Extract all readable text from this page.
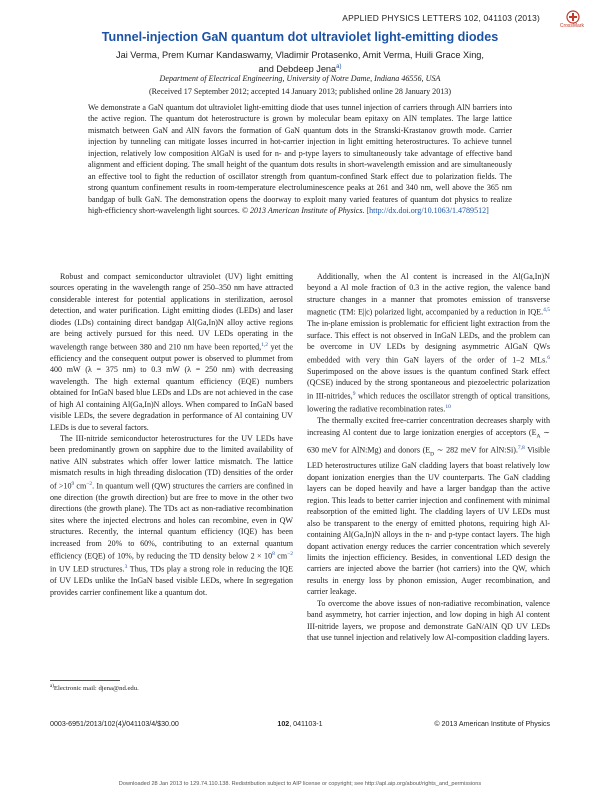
APPLIED PHYSICS LETTERS 102, 041103 (2013)
CrossMark
Tunnel-injection GaN quantum dot ultraviolet light-emitting diodes
Jai Verma, Prem Kumar Kandaswamy, Vladimir Protasenko, Amit Verma, Huili Grace Xing,
and Debdeep Jena$^{a)}$
Department of Electrical Engineering, University of Notre Dame, Indiana 46556, USA
(Received 17 September 2012; accepted 14 January 2013; published online 28 January 2013)
We demonstrate a GaN quantum dot ultraviolet light-emitting diode that uses tunnel injection of carriers through AlN barriers into the active region. The quantum dot heterostructure is grown by molecular beam epitaxy on AlN templates. The large lattice mismatch between GaN and AlN favors the formation of GaN quantum dots in the Stranski-Krastanov growth mode. Carrier injection by tunneling can mitigate losses incurred in hot-carrier injection in light emitting heterostructures. To achieve tunnel injection, relatively low composition AlGaN is used for n- and p-type layers to simultaneously take advantage of effective band alignment and efficient doping. The small height of the quantum dots results in short-wavelength emission and are simultaneously an effective tool to fight the reduction of oscillator strength from quantum-confined Stark effect due to polarization fields. The strong quantum confinement results in room-temperature electroluminescence peaks at 261 and 340 nm, well above the 365 nm bandgap of bulk GaN. The demonstration opens the doorway to exploit many varied features of quantum dot physics to realize high-efficiency short-wavelength light sources. © 2013 American Institute of Physics. [http://dx.doi.org/10.1063/1.4789512]

Robust and compact semiconductor ultraviolet (UV) light emitting sources operating in the wavelength range of 250–350 nm have attracted considerable interest for potential applications in sterilization, aerosol detection, and water purification. Light emitting diodes (LEDs) and laser diodes (LDs) containing direct bandgap Al(Ga,In)N alloy active regions are being actively pursued for this need. UV LEDs operating in the wavelength range between 380 and 210 nm have been reported,$^{1,2}$ yet the efficiency and the consequent output power is observed to plummet from 400 mW (λ = 375 nm) to 0.3 mW (λ = 250 nm) with decreasing wavelength. The high external quantum efficiency (EQE) numbers obtained for InGaN based blue LEDs and LDs are not achieved in the case of high Al containing Al(Ga,In)N alloys. When compared to InGaN based visible LEDs, the severe degradation in performance of Al containing UV LEDs is due to several factors.

The III-nitride semiconductor heterostructures for the UV LEDs have been predominantly grown on sapphire due to the limited availability of native AlN substrates which offer lower lattice mismatch. The lattice mismatch results in high threading dislocation (TD) densities of the order of $>10^9$ $cm^{-2}$. In quantum well (QW) structures the carriers are confined in one direction (the growth direction) but are free to move in the other two directions (the growth plane). The TDs act as non-radiative recombination sites where the injected electrons and holes can recombine, even in QW structures. Recently, the internal quantum efficiency (IQE) has been increased from 20% to 60%, contributing to an external quantum efficiency (EQE) of 10%, by reducing the TD density below $2 \times 10^8$ $cm^{-2}$ in UV LED structures.$^3$ Thus, TDs play a strong role in reducing the IQE of UV LEDs unlike the InGaN based visible LEDs, where In segregation provides carrier confinement like a quantum dot.

Additionally, when the Al content is increased in the Al(Ga,In)N beyond a Al mole fraction of 0.3 in the active region, the valence band structure changes in a manner that promotes emission of transverse magnetic (TM: E||c) polarized light, accompanied by a reduction in IQE.$^{4,5}$ The in-plane emission is problematic for efficient light extraction from the surface. This effect is not observed in InGaN LEDs, and the problem can be overcome in UV LEDs by designing asymmetric AlGaN QWs embedded with very thin GaN layers of the order of 1–2 MLs.$^6$ Superimposed on the above issues is the quantum confined Stark effect (QCSE) induced by the strong spontaneous and piezoelectric polarization in III-nitrides,$^9$ which reduces the oscillator strength of optical transitions, lowering the radiative recombination rates.$^{10}$

The thermally excited free-carrier concentration decreases sharply with increasing Al content due to large ionization energies of acceptors ($E_A$ ∼ 630 meV for AlN:Mg) and donors ($E_D$ ∼ 282 meV for AlN:Si).$^{7,8}$ Visible LED heterostructures utilize GaN cladding layers that boast relatively low dopant ionization energies than the UV counterparts. The GaN cladding layers can be doped heavily and have a larger bandgap than the active region. This leads to better carrier injection and confinement with minimal reabsorption of the emitted light. The cladding layers of UV LEDs must also be transparent to the energy of emitted photons, requiring high Al-containing Al(Ga,In)N alloys in the n- and p-type contact layers. The high dopant activation energy reduces the carrier concentration which severely limits the injection efficiency. Besides, in conventional LED design the carriers are injected above the barrier (hot carriers) into the QW, which results in energy loss by phonon emission, Auger recombination, and carrier leakage.

To overcome the above issues of non-radiative recombination, valence band asymmetry, hot carrier injection, and low doping in high Al content III-nitride layers, we propose and demonstrate GaN/AlN QD UV LEDs that use tunnel injection and relatively low Al-composition cladding layers.

$^{a)}$Electronic mail: djena@nd.edu.
0003-6951/2013/102(4)/041103/4/$30.00	102, 041103-1	© 2013 American Institute of Physics
Downloaded 28 Jan 2013 to 129.74.110.138. Redistribution subject to AIP license or copyright; see http://apl.aip.org/about/rights_and_permissions
